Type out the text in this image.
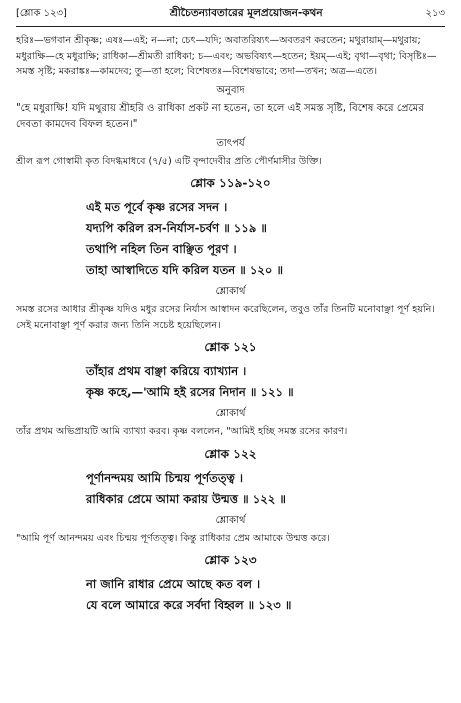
[শ্লোক ১২৩]	শ্রীচৈতন্যাবতারের মূলপ্রয়োজন-কথন	২১৩

হরিঃ—ভগবান শ্রীকৃষ্ণ; এষঃ—এই; ন—না; চেৎ—যদি; অবাতরিষ্যৎ—অবতরণ করতেন; মথুরায়াম্—মথুরায়; মধুরাক্ষি—হে মধুরাক্ষি; রাধিকা—শ্রীমতী রাধিকা; চ—এবং; অভবিষ্যৎ—হতেন; ইয়ম্—এই; বৃথা—বৃথা; বিসৃষ্টিঃ—সমস্ত সৃষ্টি; মকরাঙ্কঃ—কামদেব; তু—তা হলে; বিশেষতঃ—বিশেষভাবে; তদা—তখন; অত্র—এতে।

অনুবাদ

"হে মধুরাক্ষি! যদি মথুরায় শ্রীহরি ও রাধিকা প্রকট না হতেন, তা হলে এই সমস্ত সৃষ্টি, বিশেষ করে প্রেমের দেবতা কামদেব বিফল হতেন।"

তাৎপর্য

শ্রীল রূপ গোস্বামী কৃত বিদগ্ধমাধবে (৭/৫) এটি বৃন্দাদেবীর প্রতি পৌর্ণমাসীর উক্তি।

শ্লোক ১১৯-১২০
এই মত পূর্বে কৃষ্ণ রসের সদন ।
যদ্যপি করিল রস-নির্যাস-চর্বণ ॥ ১১৯ ॥
তথাপি নহিল তিন বাঞ্ছিত পূরণ ।
তাহা আস্বাদিতে যদি করিল যতন ॥ ১২০ ॥
শ্লোকার্থ

সমস্ত রসের আধার শ্রীকৃষ্ণ যদিও মধুর রসের নির্যাস আস্বাদন করেছিলেন, তবুও তাঁর তিনটি মনোবাঞ্ছা পূর্ণ হয়নি। সেই মনোবাঞ্ছা পূর্ণ করার জন্য তিনি সচেষ্ট হয়েছিলেন।

শ্লোক ১২১
তাঁহার প্রথম বাঞ্ছা করিয়ে ব্যাখ্যান ।
কৃষ্ণ কহে,—'আমি হই রসের নিদান ॥ ১২১ ॥
শ্লোকার্থ

তাঁর প্রথম অভিপ্রায়টি আমি ব্যাখ্যা করব। কৃষ্ণ বললেন, "আমিই হচ্ছি সমস্ত রসের কারণ।

শ্লোক ১২২
পূর্ণানন্দময় আমি চিন্ময় পূর্ণতত্ত্ব ।
রাধিকার প্রেমে আমা করায় উন্মত্ত ॥ ১২২ ॥
শ্লোকার্থ

"আমি পূর্ণ আনন্দময় এবং চিন্ময় পূর্ণতত্ত্ব। কিন্তু রাধিকার প্রেম আমাকে উন্মত্ত করে।

শ্লোক ১২৩
না জানি রাধার প্রেমে আছে কত বল ।
যে বলে আমারে করে সর্বদা বিহ্বল ॥ ১২৩ ॥
